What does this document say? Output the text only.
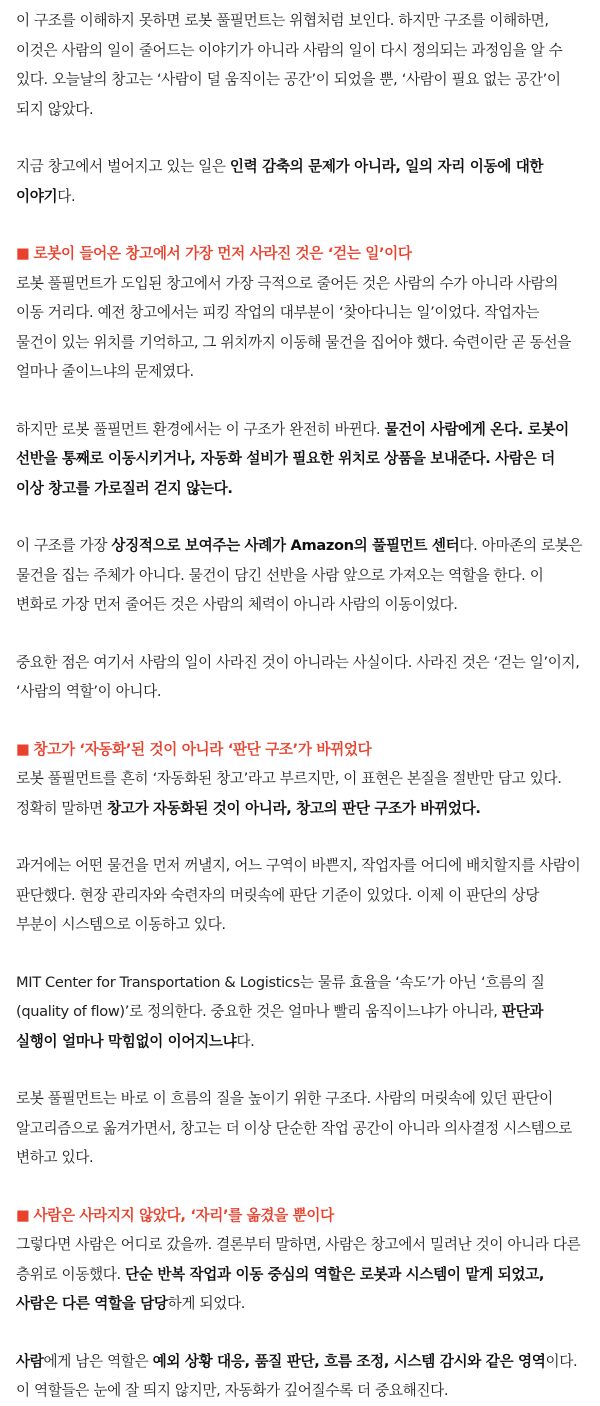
이 구조를 이해하지 못하면 로봇 풀필먼트는 위협처럼 보인다. 하지만 구조를 이해하면, 이것은 사람의 일이 줄어드는 이야기가 아니라 사람의 일이 다시 정의되는 과정임을 알 수 있다. 오늘날의 창고는 ‘사람이 덜 움직이는 공간’이 되었을 뿐, ‘사람이 필요 없는 공간’이 되지 않았다.

지금 창고에서 벌어지고 있는 일은 인력 감축의 문제가 아니라, 일의 자리 이동에 대한 이야기다.

■ 로봇이 들어온 창고에서 가장 먼저 사라진 것은 ‘걷는 일’이다

로봇 풀필먼트가 도입된 창고에서 가장 극적으로 줄어든 것은 사람의 수가 아니라 사람의 이동 거리다. 예전 창고에서는 피킹 작업의 대부분이 ‘찾아다니는 일’이었다. 작업자는 물건이 있는 위치를 기억하고, 그 위치까지 이동해 물건을 집어야 했다. 숙련이란 곧 동선을 얼마나 줄이느냐의 문제였다.

하지만 로봇 풀필먼트 환경에서는 이 구조가 완전히 바뀐다. 물건이 사람에게 온다. 로봇이 선반을 통째로 이동시키거나, 자동화 설비가 필요한 위치로 상품을 보내준다. 사람은 더 이상 창고를 가로질러 걷지 않는다.

이 구조를 가장 상징적으로 보여주는 사례가 Amazon의 풀필먼트 센터다. 아마존의 로봇은 물건을 집는 주체가 아니다. 물건이 담긴 선반을 사람 앞으로 가져오는 역할을 한다. 이 변화로 가장 먼저 줄어든 것은 사람의 체력이 아니라 사람의 이동이었다.

중요한 점은 여기서 사람의 일이 사라진 것이 아니라는 사실이다. 사라진 것은 ‘걷는 일’이지, ‘사람의 역할’이 아니다.

■ 창고가 ‘자동화’된 것이 아니라 ‘판단 구조’가 바뀌었다

로봇 풀필먼트를 흔히 ‘자동화된 창고’라고 부르지만, 이 표현은 본질을 절반만 담고 있다. 정확히 말하면 창고가 자동화된 것이 아니라, 창고의 판단 구조가 바뀌었다.

과거에는 어떤 물건을 먼저 꺼낼지, 어느 구역이 바쁜지, 작업자를 어디에 배치할지를 사람이 판단했다. 현장 관리자와 숙련자의 머릿속에 판단 기준이 있었다. 이제 이 판단의 상당 부분이 시스템으로 이동하고 있다.

MIT Center for Transportation & Logistics는 물류 효율을 ‘속도’가 아닌 ‘흐름의 질(quality of flow)’로 정의한다. 중요한 것은 얼마나 빨리 움직이느냐가 아니라, 판단과 실행이 얼마나 막힘없이 이어지느냐다.

로봇 풀필먼트는 바로 이 흐름의 질을 높이기 위한 구조다. 사람의 머릿속에 있던 판단이 알고리즘으로 옮겨가면서, 창고는 더 이상 단순한 작업 공간이 아니라 의사결정 시스템으로 변하고 있다.

■ 사람은 사라지지 않았다, ‘자리’를 옮겼을 뿐이다

그렇다면 사람은 어디로 갔을까. 결론부터 말하면, 사람은 창고에서 밀려난 것이 아니라 다른 층위로 이동했다. 단순 반복 작업과 이동 중심의 역할은 로봇과 시스템이 맡게 되었고, 사람은 다른 역할을 담당하게 되었다.

사람에게 남은 역할은 예외 상황 대응, 품질 판단, 흐름 조정, 시스템 감시와 같은 영역이다. 이 역할들은 눈에 잘 띄지 않지만, 자동화가 깊어질수록 더 중요해진다.
